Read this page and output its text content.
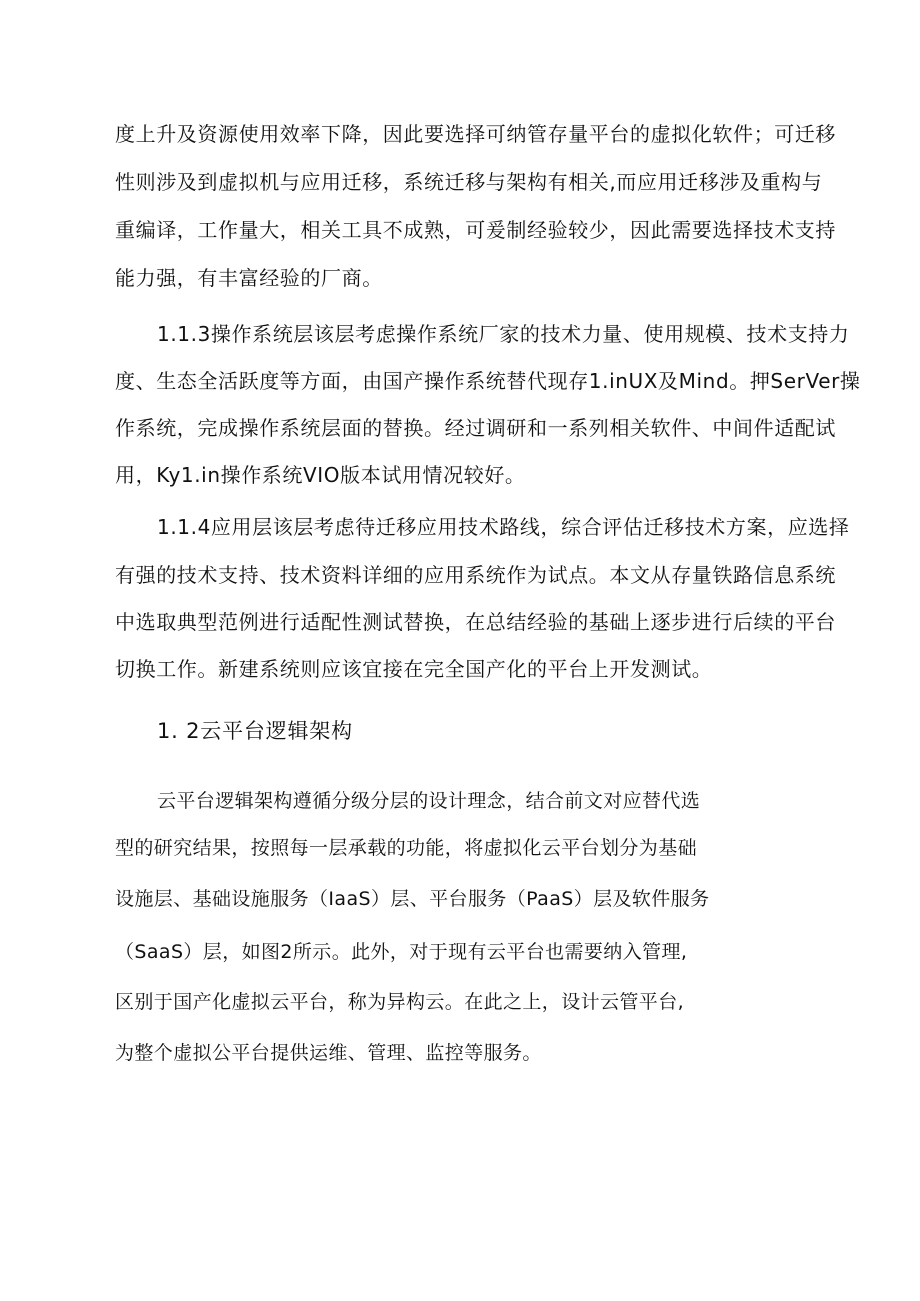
度上升及资源使用效率下降，因此要选择可纳管存量平台的虚拟化软件；可迁移
性则涉及到虚拟机与应用迁移，系统迁移与架构有相关,而应用迁移涉及重构与
重编译，工作量大，相关工具不成熟，可爰制经验较少，因此需要选择技术支持
能力强，有丰富经验的厂商。
1.1.3操作系统层该层考虑操作系统厂家的技术力量、使用规模、技术支持力
度、生态全活跃度等方面，由国产操作系统替代现存1.inUX及Mind。押SerVer操
作系统，完成操作系统层面的替换。经过调研和一系列相关软件、中间件适配试
用，Ky1.in操作系统VIO版本试用情况较好。
1.1.4应用层该层考虑待迁移应用技术路线，综合评估迁移技术方案，应选择
有强的技术支持、技术资料详细的应用系统作为试点。本文从存量铁路信息系统
中选取典型范例进行适配性测试替换，在总结经验的基础上逐步进行后续的平台
切换工作。新建系统则应该宜接在完全国产化的平台上开发测试。
1. 2云平台逻辑架构
云平台逻辑架构遵循分级分层的设计理念，结合前文对应替代选
型的研究结果，按照每一层承载的功能，将虚拟化云平台划分为基础
设施层、基础设施服务（IaaS）层、平台服务（PaaS）层及软件服务
（SaaS）层，如图2所示。此外，对于现有云平台也需要纳入管理,
区别于国产化虚拟云平台，称为异构云。在此之上，设计云管平台,
为整个虚拟公平台提供运维、管理、监控等服务。
